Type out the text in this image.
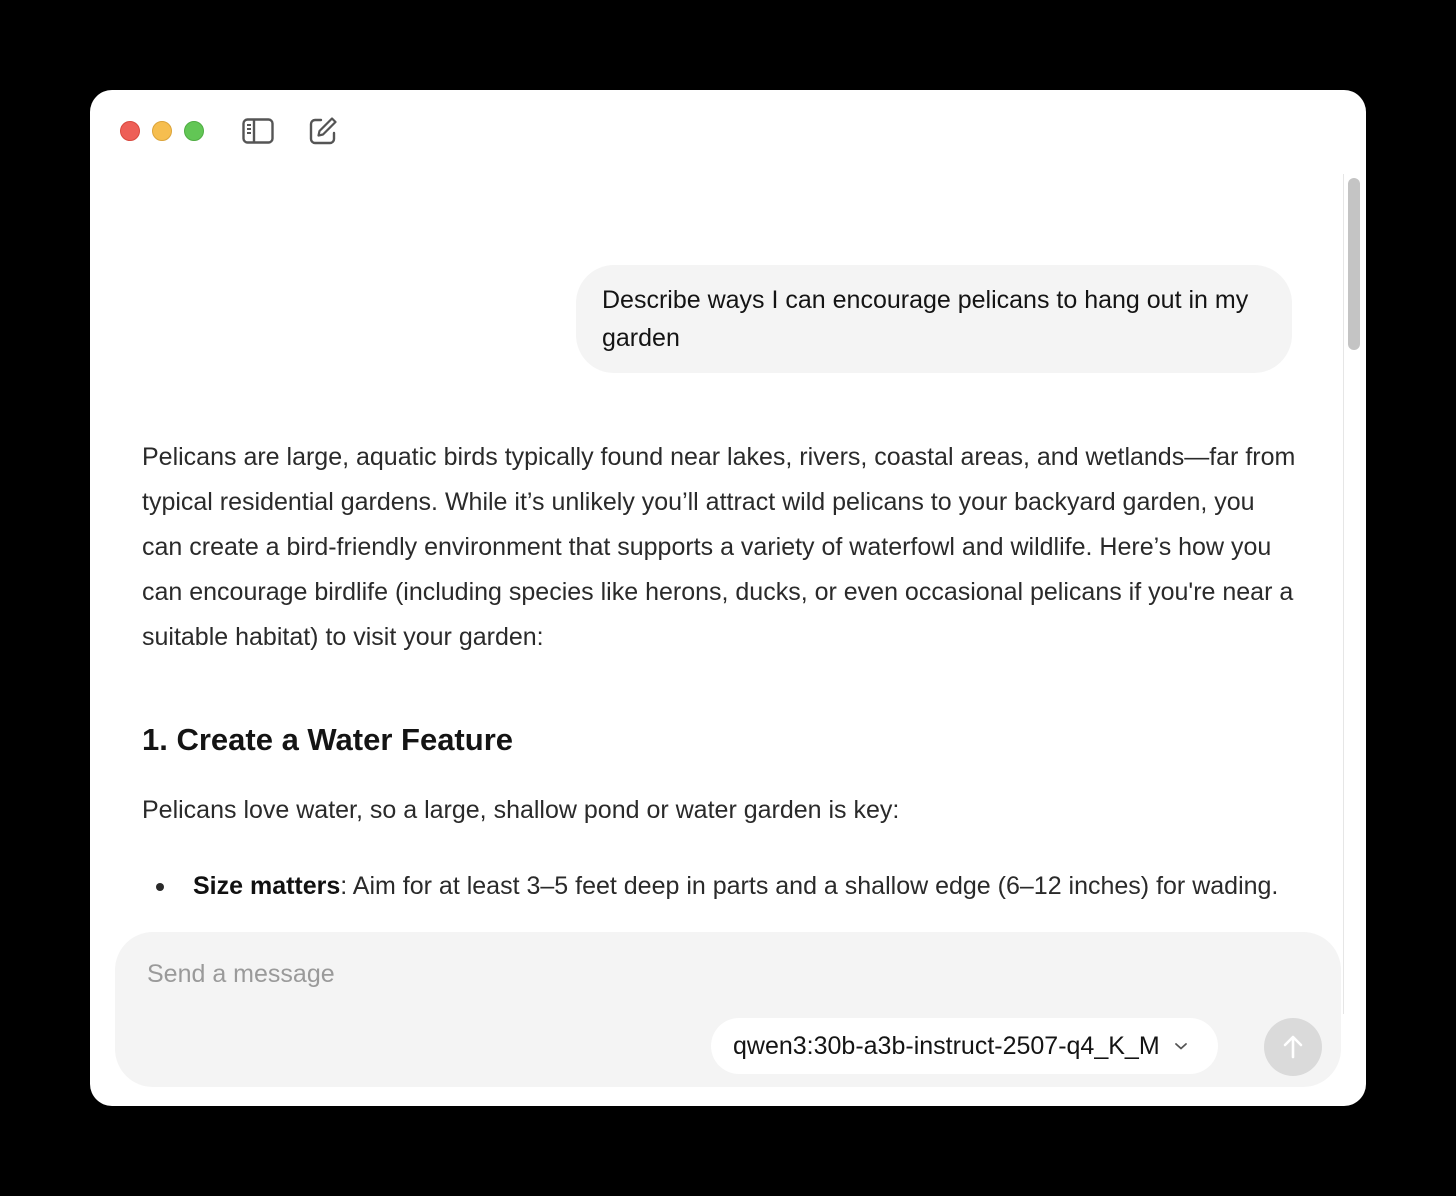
Describe ways I can encourage pelicans to hang out in my garden

Pelicans are large, aquatic birds typically found near lakes, rivers, coastal areas, and wetlands—far from typical residential gardens. While it’s unlikely you’ll attract wild pelicans to your backyard garden, you can create a bird-friendly environment that supports a variety of waterfowl and wildlife. Here’s how you can encourage birdlife (including species like herons, ducks, or even occasional pelicans if you're near a suitable habitat) to visit your garden:

1. Create a Water Feature

Pelicans love water, so a large, shallow pond or water garden is key:

Size matters: Aim for at least 3–5 feet deep in parts and a shallow edge (6–12 inches) for wading.
Send a message
qwen3:30b-a3b-instruct-2507-q4_K_M
